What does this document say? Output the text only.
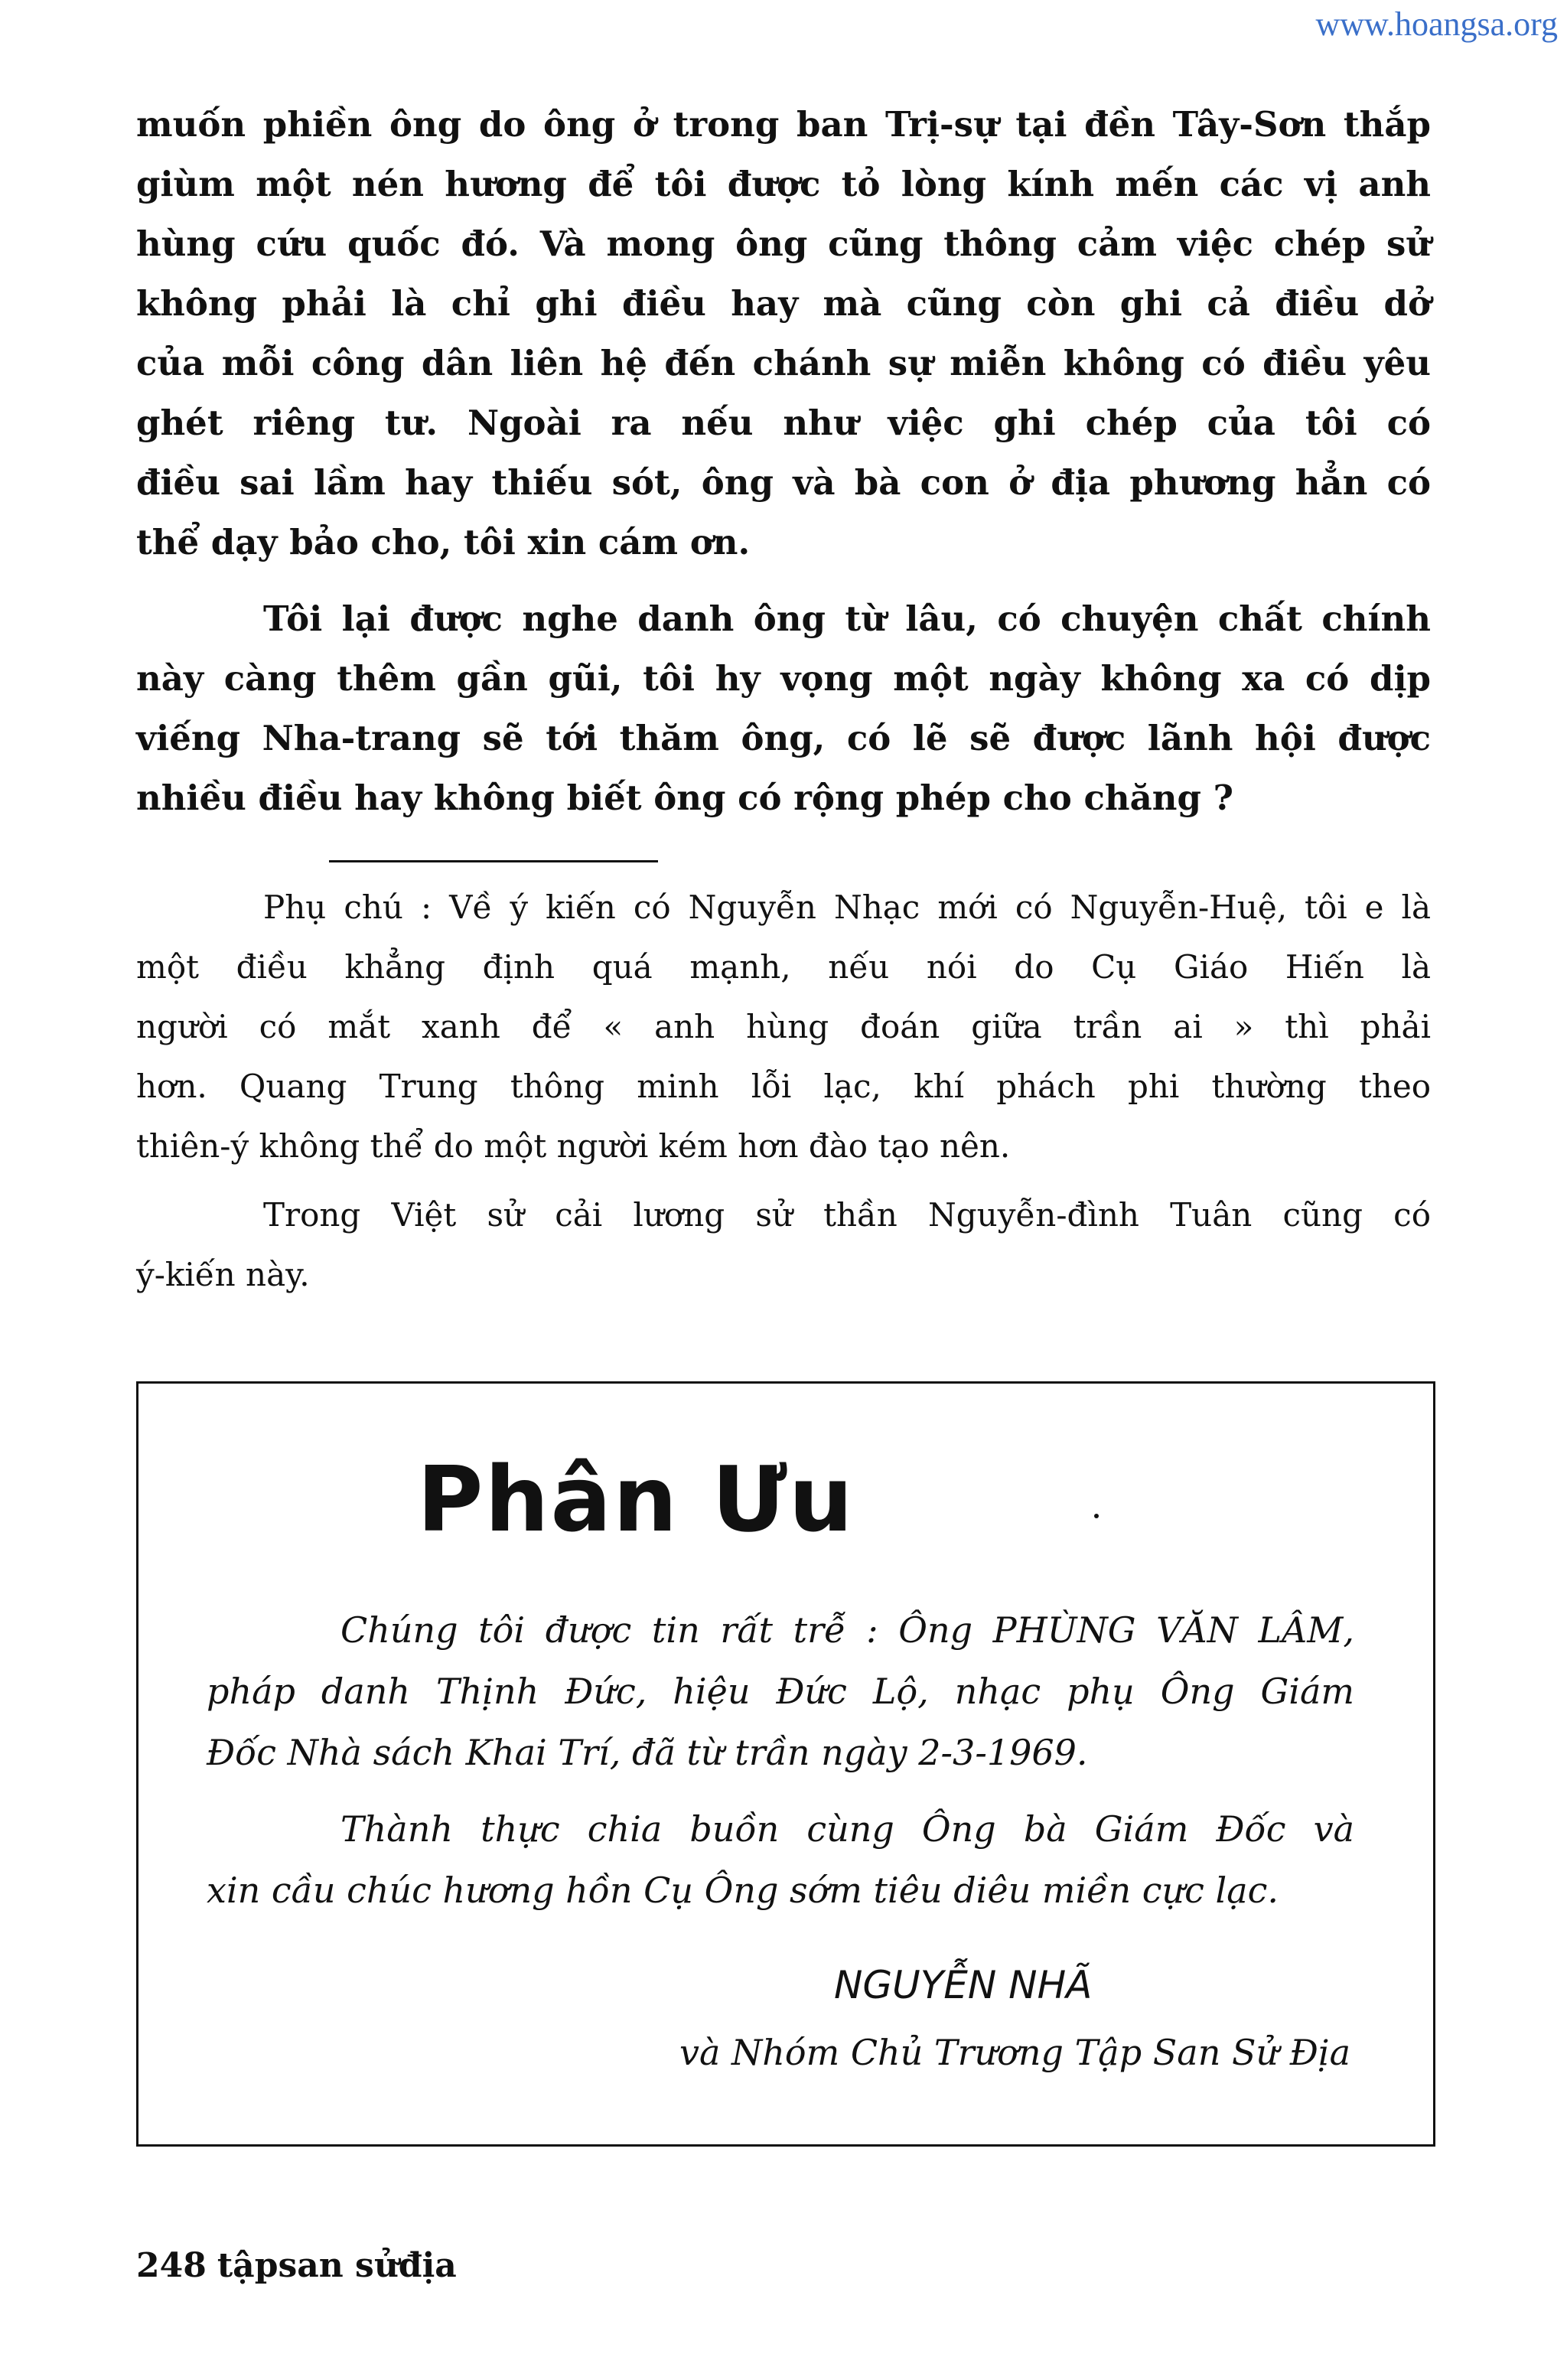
www.hoangsa.org
muốn phiền ông do ông ở trong ban Trị-sự tại đền Tây-Sơn thắp
giùm một nén hương để tôi được tỏ lòng kính mến các vị anh
hùng cứu quốc đó. Và mong ông cũng thông cảm việc chép sử
không phải là chỉ ghi điều hay mà cũng còn ghi cả điều dở
của mỗi công dân liên hệ đến chánh sự miễn không có điều yêu
ghét riêng tư. Ngoài ra nếu như việc ghi chép của tôi có
điều sai lầm hay thiếu sót, ông và bà con ở địa phương hẳn có
thể dạy bảo cho, tôi xin cám ơn.
Tôi lại được nghe danh ông từ lâu, có chuyện chất chính
này càng thêm gần gũi, tôi hy vọng một ngày không xa có dịp
viếng Nha-trang sẽ tới thăm ông, có lẽ sẽ được lãnh hội được
nhiều điều hay không biết ông có rộng phép cho chăng ?
Phụ chú : Về ý kiến có Nguyễn Nhạc mới có Nguyễn-Huệ, tôi e là
một điều khẳng định quá mạnh, nếu nói do Cụ Giáo Hiến là
người có mắt xanh để « anh hùng đoán giữa trần ai » thì phải
hơn. Quang Trung thông minh lỗi lạc, khí phách phi thường theo
thiên-ý không thể do một người kém hơn đào tạo nên.
Trong Việt sử cải lương sử thần Nguyễn-đình Tuân cũng có
ý-kiến này.
Phân Ưu
Chúng tôi được tin rất trễ : Ông PHÙNG VĂN LÂM,
pháp danh Thịnh Đức, hiệu Đức Lộ, nhạc phụ Ông Giám
Đốc Nhà sách Khai Trí, đã từ trần ngày 2-3-1969.
Thành thực chia buồn cùng Ông bà Giám Đốc và
xin cầu chúc hương hồn Cụ Ông sớm tiêu diêu miền cực lạc.
NGUYỄN NHÃ
và Nhóm Chủ Trương Tập San Sử Địa
248 tậpsan sửđịa
